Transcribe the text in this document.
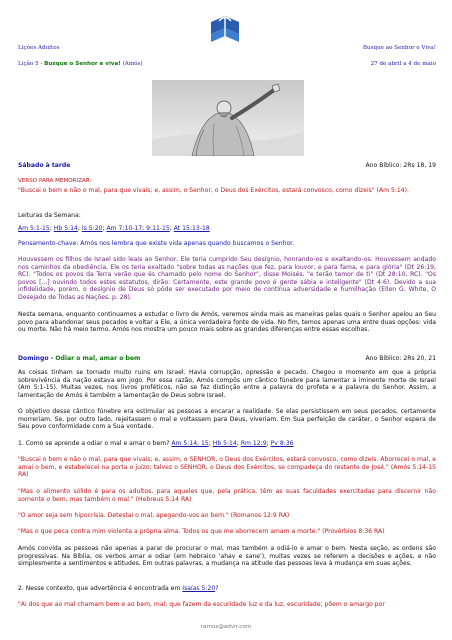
Lições Adultos	Busque ao Senhor e Viva!
Lição 5 - Busque o Senhor e viva! (Amós)	27 de abril a 4 de maio
Sábado à tarde	Ano Bíblico: 2Rs 18, 19
VERSO PARA MEMORIZAR:

"Buscai o bem e não o mal, para que vivais; e, assim, o Senhor, o Deus dos Exércitos, estará convosco, como dizeis" (Am 5:14).

Leituras da Semana:
Am 5:1-15; Hb 5:14; Is 5:20; Am 7:10-17; 9:11-15; At 15:13-18

Pensamento-chave: Amós nos lembra que existe vida apenas quando buscamos o Senhor.

Houvessem os filhos de Israel sido leais ao Senhor, Ele teria cumprido Seu desígnio, honrando-os e exaltando-os. Houvessem andado nos caminhos da obediência, Ele os teria exaltado "sobre todas as nações que fez, para louvor, e para fama, e para glória" (Dt 26:19, RC). "Todos os povos da Terra verão que és chamado pelo nome do Senhor", disse Moisés, "e terão temor de ti" (Dt 28:10, RC). "Os povos [...] ouvindo todos estes estatutos, dirão: Certamente, este grande povo é gente sábia e inteligente" (Dt 4:6). Devido a sua infidelidade, porém, o desígnio de Deus só pôde ser executado por meio de contínua adversidade e humilhação (Ellen G. White, O Desejado de Todas as Nações, p. 28).

Nesta semana, enquanto continuamos a estudar o livro de Amós, veremos ainda mais as maneiras pelas quais o Senhor apelou ao Seu povo para abandonar seus pecados e voltar a Ele, a única verdadeira fonte de vida. No fim, temos apenas uma entre duas opções: vida ou morte. Não há meio termo. Amós nos mostra um pouco mais sobre as grandes diferenças entre essas escolhas.

Domingo - Odiar o mal, amar o bem	Ano Bíblico: 2Rs 20, 21

As coisas tinham se tornado muito ruins em Israel. Havia corrupção, opressão e pecado. Chegou o momento em que a própria sobrevivência da nação estava em jogo. Por essa razão, Amós compôs um cântico fúnebre para lamentar a iminente morte de Israel (Am 5:1-15). Muitas vezes, nos livros proféticos, não se faz distinção entre a palavra do profeta e a palavra do Senhor. Assim, a lamentação de Amós é também a lamentação de Deus sobre Israel.

O objetivo desse cântico fúnebre era estimular as pessoas a encarar a realidade. Se elas persistissem em seus pecados, certamente morreriam. Se, por outro lado, rejeitassem o mal e voltassem para Deus, viveriam. Em Sua perfeição de caráter, o Senhor espera de Seu povo conformidade com a Sua vontade.

1. Como se aprende a odiar o mal e amar o bem? Am 5:14, 15; Hb 5:14; Rm 12:9; Pv 8:36

"Buscai o bem e não o mal, para que vivais; e, assim, o SENHOR, o Deus dos Exércitos, estará convosco, como dizeis. Aborrecei o mal, e amai o bem, e estabelecei na porta o juízo; talvez o SENHOR, o Deus dos Exércitos, se compadeça do restante de José." (Amós 5:14-15 RA)

"Mas o alimento sólido é para os adultos, para aqueles que, pela prática, têm as suas faculdades exercitadas para discernir não somente o bem, mas também o mal." (Hebreus 5:14 RA)

"O amor seja sem hipocrisia. Detestai o mal, apegando-vos ao bem." (Romanos 12:9 RA)

"Mas o que peca contra mim violenta a própria alma. Todos os que me aborrecem amam a morte." (Provérbios 8:36 RA)

Amós convida as pessoas não apenas a parar de procurar o mal, mas também a odiá-lo e amar o bem. Nesta seção, as ordens são progressivas. Na Bíblia, os verbos amar e odiar (em hebraico 'ahav e sane'), muitas vezes se referem a decisões e ações, e não simplesmente a sentimentos e atitudes. Em outras palavras, a mudança na atitude das pessoas leva à mudança em suas ações.

2. Nesse contexto, que advertência é encontrada em Isaías 5:20?

"Ai dos que ao mal chamam bem e ao bem, mal; que fazem da escuridade luz e da luz, escuridade; põem o amargo por

ramos@advir.com
